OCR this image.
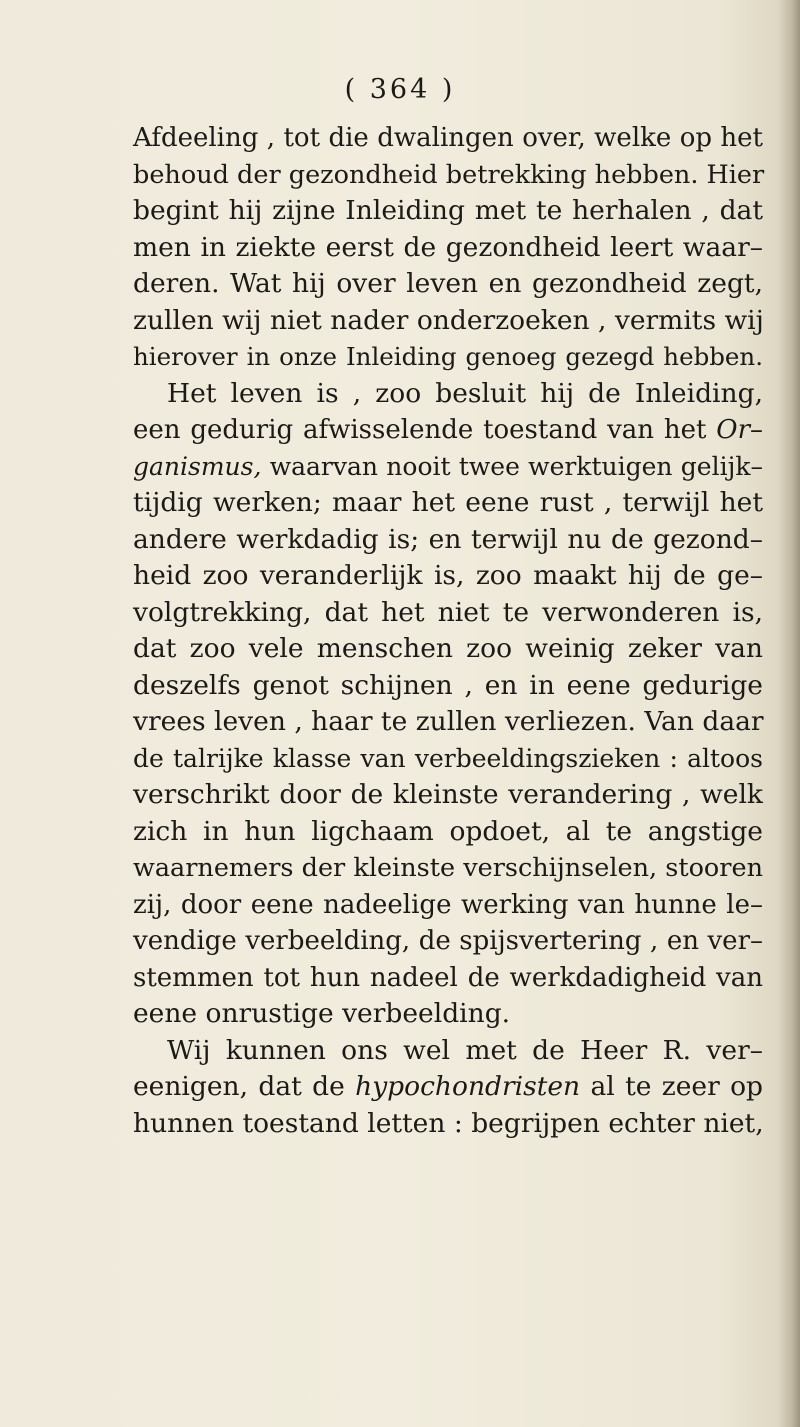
( 364 )
Afdeeling , tot die dwalingen over, welke op het
behoud der gezondheid betrekking hebben. Hier
begint hij zijne Inleiding met te herhalen , dat
men in ziekte eerst de gezondheid leert waar–
deren. Wat hij over leven en gezondheid zegt,
zullen wij niet nader onderzoeken , vermits wij
hierover in onze Inleiding genoeg gezegd hebben.
Het leven is , zoo besluit hij de Inleiding,
een gedurig afwisselende toestand van het Or–
ganismus, waarvan nooit twee werktuigen gelijk–
tijdig werken; maar het eene rust , terwijl het
andere werkdadig is; en terwijl nu de gezond–
heid zoo veranderlijk is, zoo maakt hij de ge–
volgtrekking, dat het niet te verwonderen is,
dat zoo vele menschen zoo weinig zeker van
deszelfs genot schijnen , en in eene gedurige
vrees leven , haar te zullen verliezen. Van daar
de talrijke klasse van verbeeldingszieken : altoos
verschrikt door de kleinste verandering , welk
zich in hun ligchaam opdoet, al te angstige
waarnemers der kleinste verschijnselen, stooren
zij, door eene nadeelige werking van hunne le–
vendige verbeelding, de spijsvertering , en ver–
stemmen tot hun nadeel de werkdadigheid van
eene onrustige verbeelding.
Wij kunnen ons wel met de Heer R. ver–
eenigen, dat de hypochondristen al te zeer op
hunnen toestand letten : begrijpen echter niet,
